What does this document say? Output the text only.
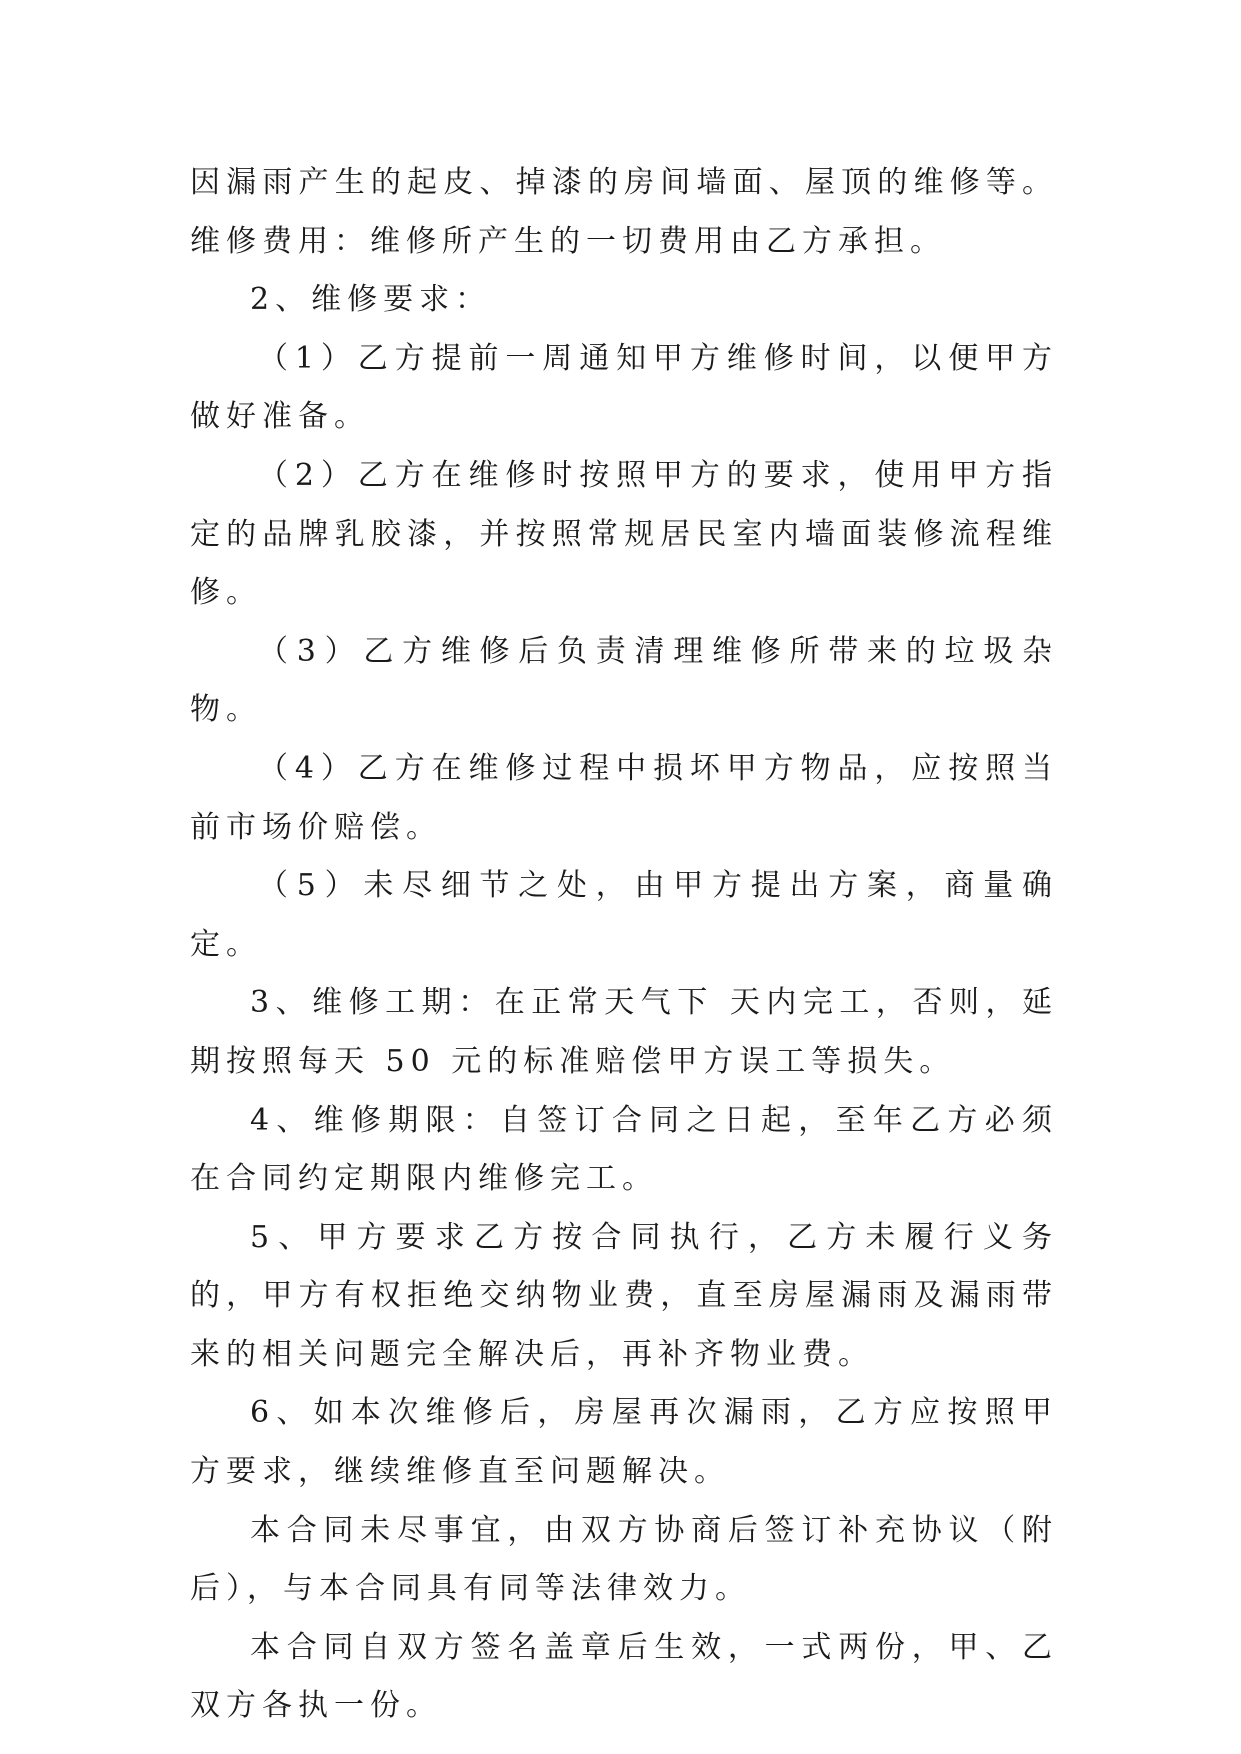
因漏雨产生的起皮、掉漆的房间墙面、屋顶的维修等。维修费用：维修所产生的一切费用由乙方承担。

2、维修要求：

（1）乙方提前一周通知甲方维修时间，以便甲方做好准备。

（2）乙方在维修时按照甲方的要求，使用甲方指定的品牌乳胶漆，并按照常规居民室内墙面装修流程维修。

（3）乙方维修后负责清理维修所带来的垃圾杂物。

（4）乙方在维修过程中损坏甲方物品，应按照当前市场价赔偿。

（5）未尽细节之处，由甲方提出方案，商量确定。

3、维修工期：在正常天气下 天内完工，否则，延期按照每天 50 元的标准赔偿甲方误工等损失。

4、维修期限：自签订合同之日起，至年乙方必须在合同约定期限内维修完工。

5、甲方要求乙方按合同执行，乙方未履行义务的，甲方有权拒绝交纳物业费，直至房屋漏雨及漏雨带来的相关问题完全解决后，再补齐物业费。

6、如本次维修后，房屋再次漏雨，乙方应按照甲方要求，继续维修直至问题解决。

本合同未尽事宜，由双方协商后签订补充协议（附后），与本合同具有同等法律效力。

本合同自双方签名盖章后生效，一式两份，甲、乙双方各执一份。
